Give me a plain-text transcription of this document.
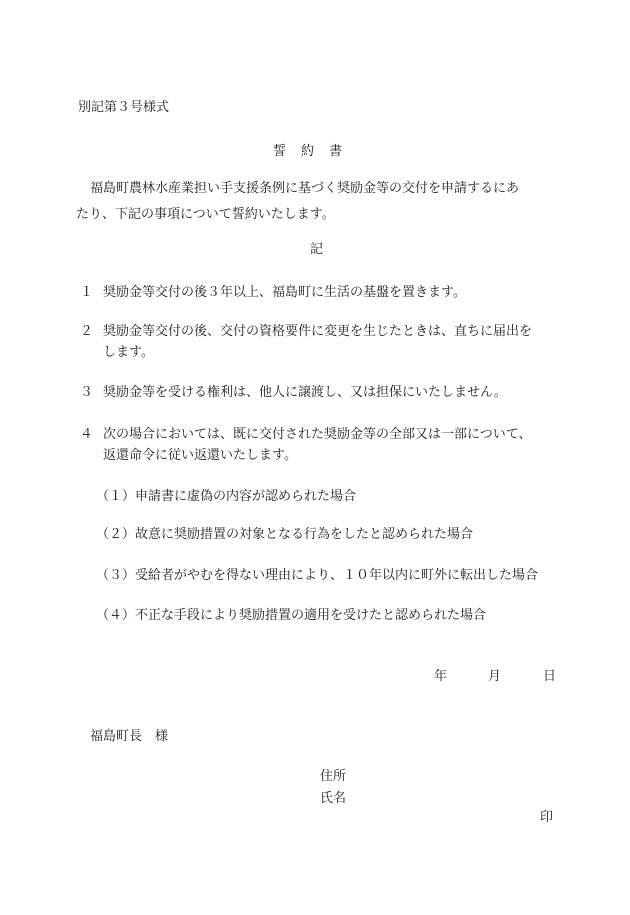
別記第３号様式
誓　約　書
福島町農林水産業担い手支援条例に基づく奨励金等の交付を申請するにあ
たり、下記の事項について誓約いたします。
記
１ 奨励金等交付の後３年以上、福島町に生活の基盤を置きます。
２ 奨励金等交付の後、交付の資格要件に変更を生じたときは、直ちに届出を
します。
３ 奨励金等を受ける権利は、他人に譲渡し、又は担保にいたしません。
４ 次の場合においては、既に交付された奨励金等の全部又は一部について、
返還命令に従い返還いたします。
（１）申請書に虚偽の内容が認められた場合
（２）故意に奨励措置の対象となる行為をしたと認められた場合
（３）受給者がやむを得ない理由により、１０年以内に町外に転出した場合
（４）不正な手段により奨励措置の適用を受けたと認められた場合
年	月	日
福島町長　様
住所
氏名
印
